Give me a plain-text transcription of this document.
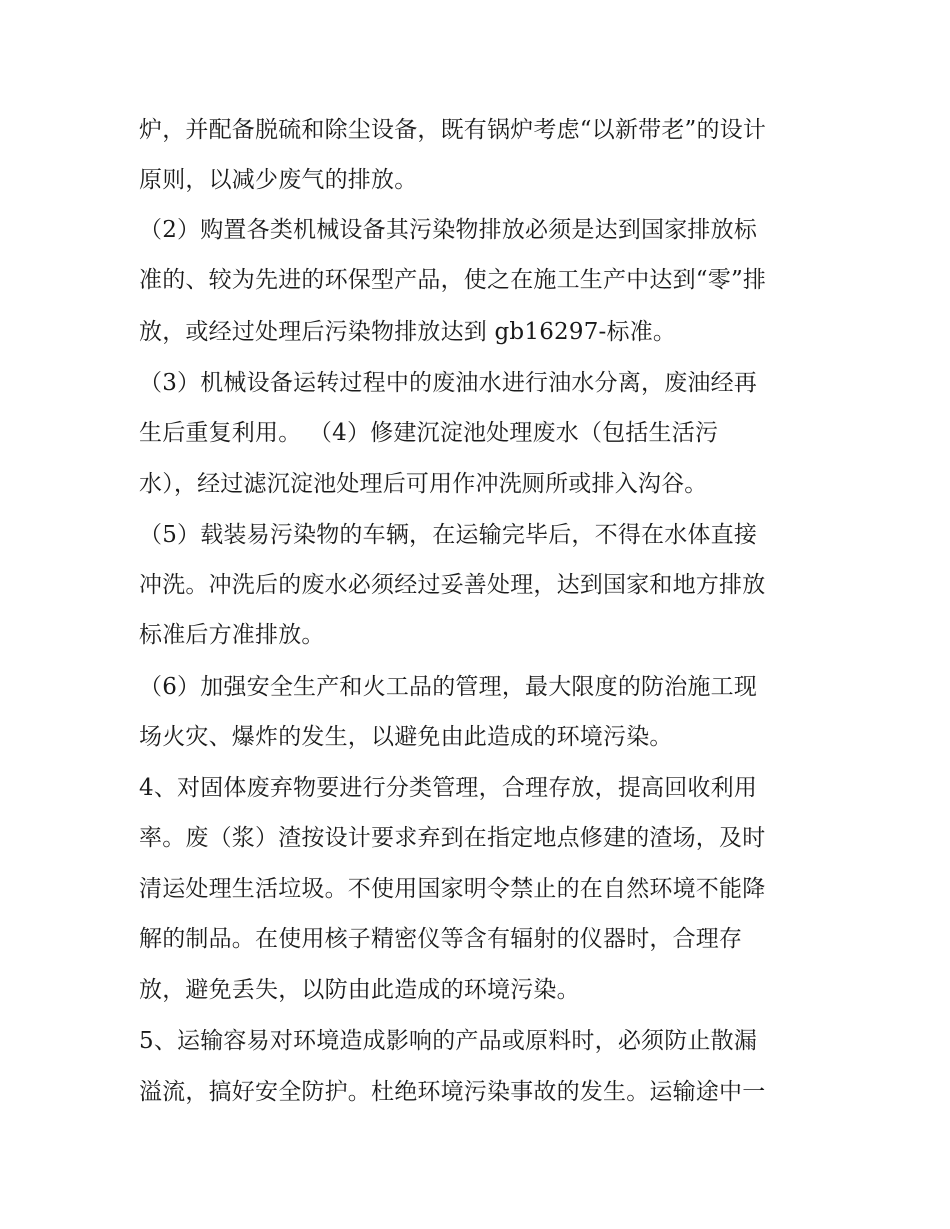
炉，并配备脱硫和除尘设备，既有锅炉考虑“以新带老”的设计
原则，以减少废气的排放。
（2）购置各类机械设备其污染物排放必须是达到国家排放标
准的、较为先进的环保型产品，使之在施工生产中达到“零”排
放，或经过处理后污染物排放达到 gb16297-标准。
（3）机械设备运转过程中的废油水进行油水分离，废油经再
生后重复利用。 （4）修建沉淀池处理废水（包括生活污
水），经过滤沉淀池处理后可用作冲洗厕所或排入沟谷。
（5）载装易污染物的车辆，在运输完毕后，不得在水体直接
冲洗。冲洗后的废水必须经过妥善处理，达到国家和地方排放
标准后方准排放。
（6）加强安全生产和火工品的管理，最大限度的防治施工现
场火灾、爆炸的发生，以避免由此造成的环境污染。
4、对固体废弃物要进行分类管理，合理存放，提高回收利用
率。废（浆）渣按设计要求弃到在指定地点修建的渣场，及时
清运处理生活垃圾。不使用国家明令禁止的在自然环境不能降
解的制品。在使用核子精密仪等含有辐射的仪器时，合理存
放，避免丢失，以防由此造成的环境污染。
5、运输容易对环境造成影响的产品或原料时，必须防止散漏
溢流，搞好安全防护。杜绝环境污染事故的发生。运输途中一
